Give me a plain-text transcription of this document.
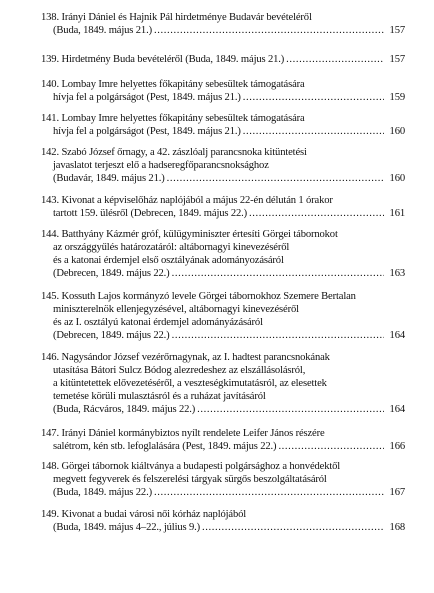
138. Irányi Dániel és Hajnik Pál hirdetménye Budavár bevételéről
(Buda, 1849. május 21.) .....	157
139. Hirdetmény Buda bevételéről (Buda, 1849. május 21.) .....	157
140. Lombay Imre helyettes főkapitány sebesültek támogatására
hívja fel a polgárságot (Pest, 1849. május 21.) .....	159
141. Lombay Imre helyettes főkapitány sebesültek támogatására
hívja fel a polgárságot (Pest, 1849. május 21.) .....	160
142. Szabó József őrnagy, a 42. zászlóalj parancsnoka kitüntetési
javaslatot terjeszt elő a hadseregfőparancsnoksághoz
(Budavár, 1849. május 21.) .....	160
143. Kivonat a képviselőház naplójából a május 22-én délután 1 órakor
tartott 159. ülésről (Debrecen, 1849. május 22.) .....	161
144. Batthyány Kázmér gróf, külügyminiszter értesíti Görgei tábornokot
az országgyűlés határozatáról: altábornagyi kinevezéséről
és a katonai érdemjel első osztályának adományozásáról
(Debrecen, 1849. május 22.) .....	163
145. Kossuth Lajos kormányzó levele Görgei tábornokhoz Szemere Bertalan
miniszterelnök ellenjegyzésével, altábornagyi kinevezéséről
és az I. osztályú katonai érdemjel adományázásáról
(Debrecen, 1849. május 22.) .....	164
146. Nagysándor József vezérőrnagynak, az I. hadtest parancsnokának
utasítása Bátori Sulcz Bódog alezredeshez az elszállásolásról,
a kitüntetettek elővezetéséről, a veszteségkimutatásról, az elesettek
temetése körüli mulasztásról és a ruházat javításáról
(Buda, Rácváros, 1849. május 22.) .....	164
147. Irányi Dániel kormánybiztos nyílt rendelete Leifer János részére
salétrom, kén stb. lefoglalására (Pest, 1849. május 22.) .....	166
148. Görgei tábornok kiáltványa a budapesti polgársághoz a honvédektől
megvett fegyverek és felszerelési tárgyak sürgős beszolgáltatásáról
(Buda, 1849. május 22.) .....	167
149. Kivonat a budai városi női kórház naplójából
(Buda, 1849. május 4–22., július 9.) .....	168
